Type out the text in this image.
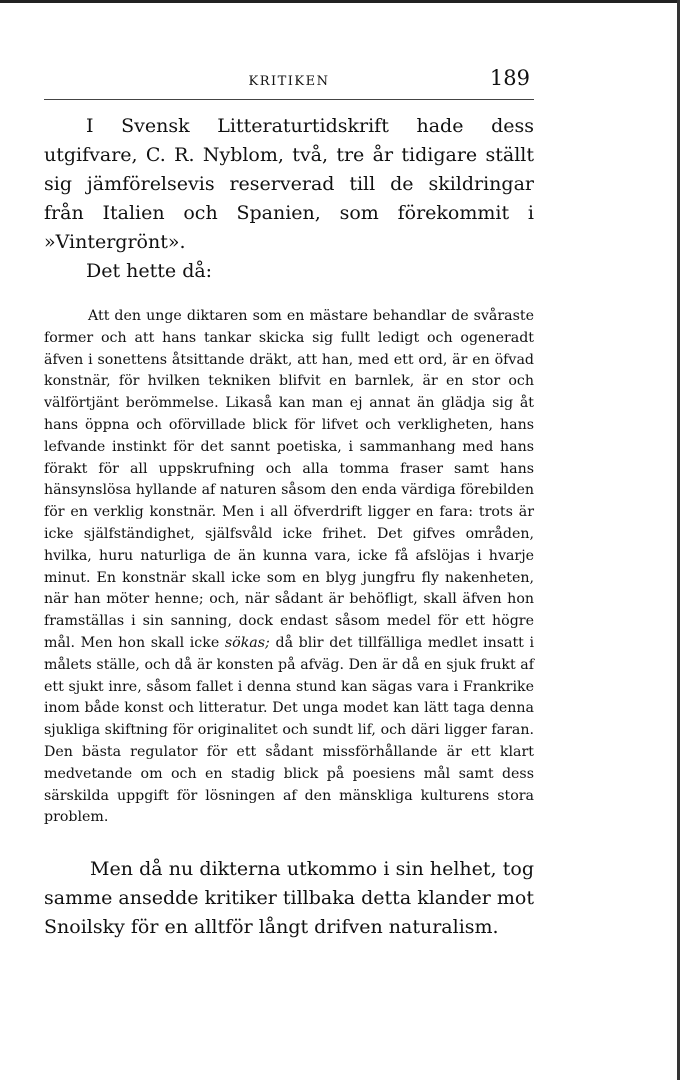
KRITIKEN	189

I Svensk Litteraturtidskrift hade dess utgifvare, C. R. Nyblom, två, tre år tidigare ställt sig jämförelsevis reserverad till de skildringar från Italien och Spanien, som förekommit i »Vintergrönt».

Det hette då:

Att den unge diktaren som en mästare behandlar de svåraste former och att hans tankar skicka sig fullt ledigt och ogeneradt äfven i sonettens åtsittande dräkt, att han, med ett ord, är en öfvad konstnär, för hvilken tekniken blifvit en barnlek, är en stor och välförtjänt berömmelse. Likaså kan man ej annat än glädja sig åt hans öppna och oförvillade blick för lifvet och verkligheten, hans lefvande instinkt för det sannt poetiska, i sammanhang med hans förakt för all uppskrufning och alla tomma fraser samt hans hänsynslösa hyllande af naturen såsom den enda värdiga förebilden för en verklig konstnär. Men i all öfverdrift ligger en fara: trots är icke själfständighet, själfsvåld icke frihet. Det gifves områden, hvilka, huru naturliga de än kunna vara, icke få afslöjas i hvarje minut. En konstnär skall icke som en blyg jungfru fly nakenheten, när han möter henne; och, när sådant är behöfligt, skall äfven hon framställas i sin sanning, dock endast såsom medel för ett högre mål. Men hon skall icke sökas; då blir det tillfälliga medlet insatt i målets ställe, och då är konsten på afväg. Den är då en sjuk frukt af ett sjukt inre, såsom fallet i denna stund kan sägas vara i Frankrike inom både konst och litteratur. Det unga modet kan lätt taga denna sjukliga skiftning för originalitet och sundt lif, och däri ligger faran. Den bästa regulator för ett sådant missförhållande är ett klart medvetande om och en stadig blick på poesiens mål samt dess särskilda uppgift för lösningen af den mänskliga kulturens stora problem.

Men då nu dikterna utkommo i sin helhet, tog samme ansedde kritiker tillbaka detta klander mot Snoilsky för en alltför långt drifven naturalism.
